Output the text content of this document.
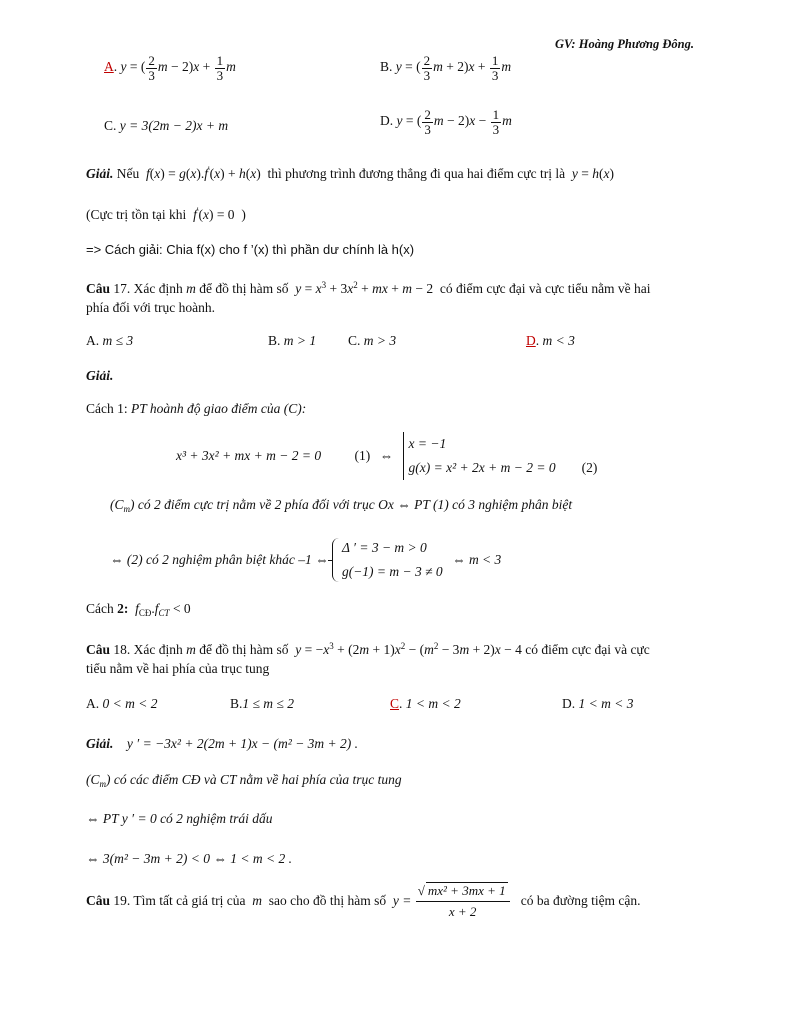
GV: Hoàng Phương Đông.
A. y = ( $\frac{2}{3}$ $m - 2)x + \frac{1}{3}$ m	B. y = ( $\frac{2}{3}$ $m + 2)x + \frac{1}{3}$ m
C. y = 3(2m − 2)x + m	D. y = ( $\frac{2}{3}$ $m - 2)x - \frac{1}{3}$ m
Giải. Nếu f(x) = g(x).f'(x) + h(x)  thì phương trình đương thẳng đi qua hai điểm cực trị là y = h(x)
(Cực trị tồn tại khi f'(x) = 0  )
=> Cách giải: Chia f(x) cho f ’(x) thì phần dư chính là h(x)
Câu 17. Xác định m để đồ thị hàm số $y = x^3 + 3x^2$ + mx + m − 2  có điểm cực đại và cực tiểu nằm về hai
phía đối với trục hoành.
A. m ≤ 3	B. m > 1 C. m > 3	D. m < 3
Giải.
Cách 1: PT hoành độ giao điểm của (C):
x³ + 3x² + mx + m − 2 = 0 (1) ⇔
x = −1
g(x) = x² + 2x + m − 2 = 0 (2)
$(C_m)$ có 2 điểm cực trị nằm về 2 phía đối với trục Ox ⇔ PT (1) có 3 nghiệm phân biệt
⇔ (2) có 2 nghiệm phân biệt khác –1 ⇔
Δ ′ = 3 − m > 0
g(−1) = m − 3 ≠ 0
⇔ m < 3
Cách 2: $f_{CĐ}.f_{CT} < 0$
Câu 18. Xác định m để đồ thị hàm số $y = -x^3 + (2m + 1)x^2 - (m^2 - 3m + 2)x - 4$ có điểm cực đại và cực
tiểu nằm về hai phía của trục tung
A. 0 < m < 2	B.1 ≤ m ≤ 2	C. 1 < m < 2	D. 1 < m < 3
Giải. y ′ = −3x² + 2(2m + 1)x − (m² − 3m + 2) .
$(C_m)$ có các điểm CĐ và CT nằm về hai phía của trục tung
⇔ PT y ′ = 0 có 2 nghiệm trái dấu
⇔ 3(m² − 3m + 2) < 0 ⇔ 1 < m < 2 .
Câu 19. Tìm tất cả giá trị của m sao cho đồ thị hàm số $y = \frac{\text{√ mx² + 3mx + 1}}{x + 2}$ có ba đường tiệm cận.
